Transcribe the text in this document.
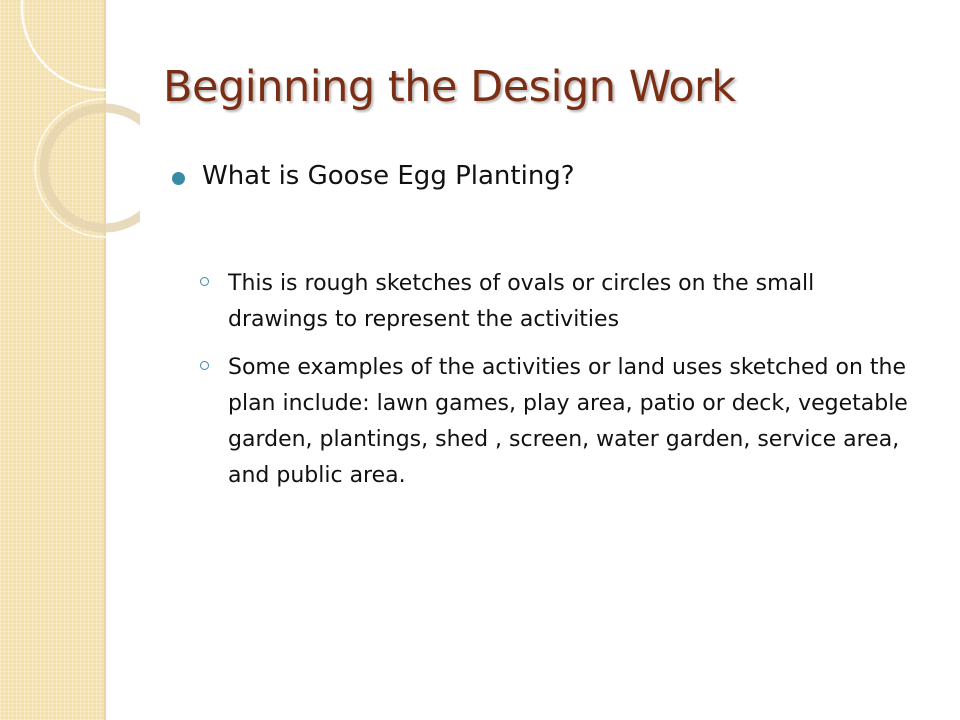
Beginning the Design Work
What is Goose Egg Planting?
This is rough sketches of ovals or circles on the small drawings to represent the activities
Some examples of the activities or land uses sketched on the plan include: lawn games, play area, patio or deck, vegetable garden, plantings, shed , screen, water garden, service area, and public area.
